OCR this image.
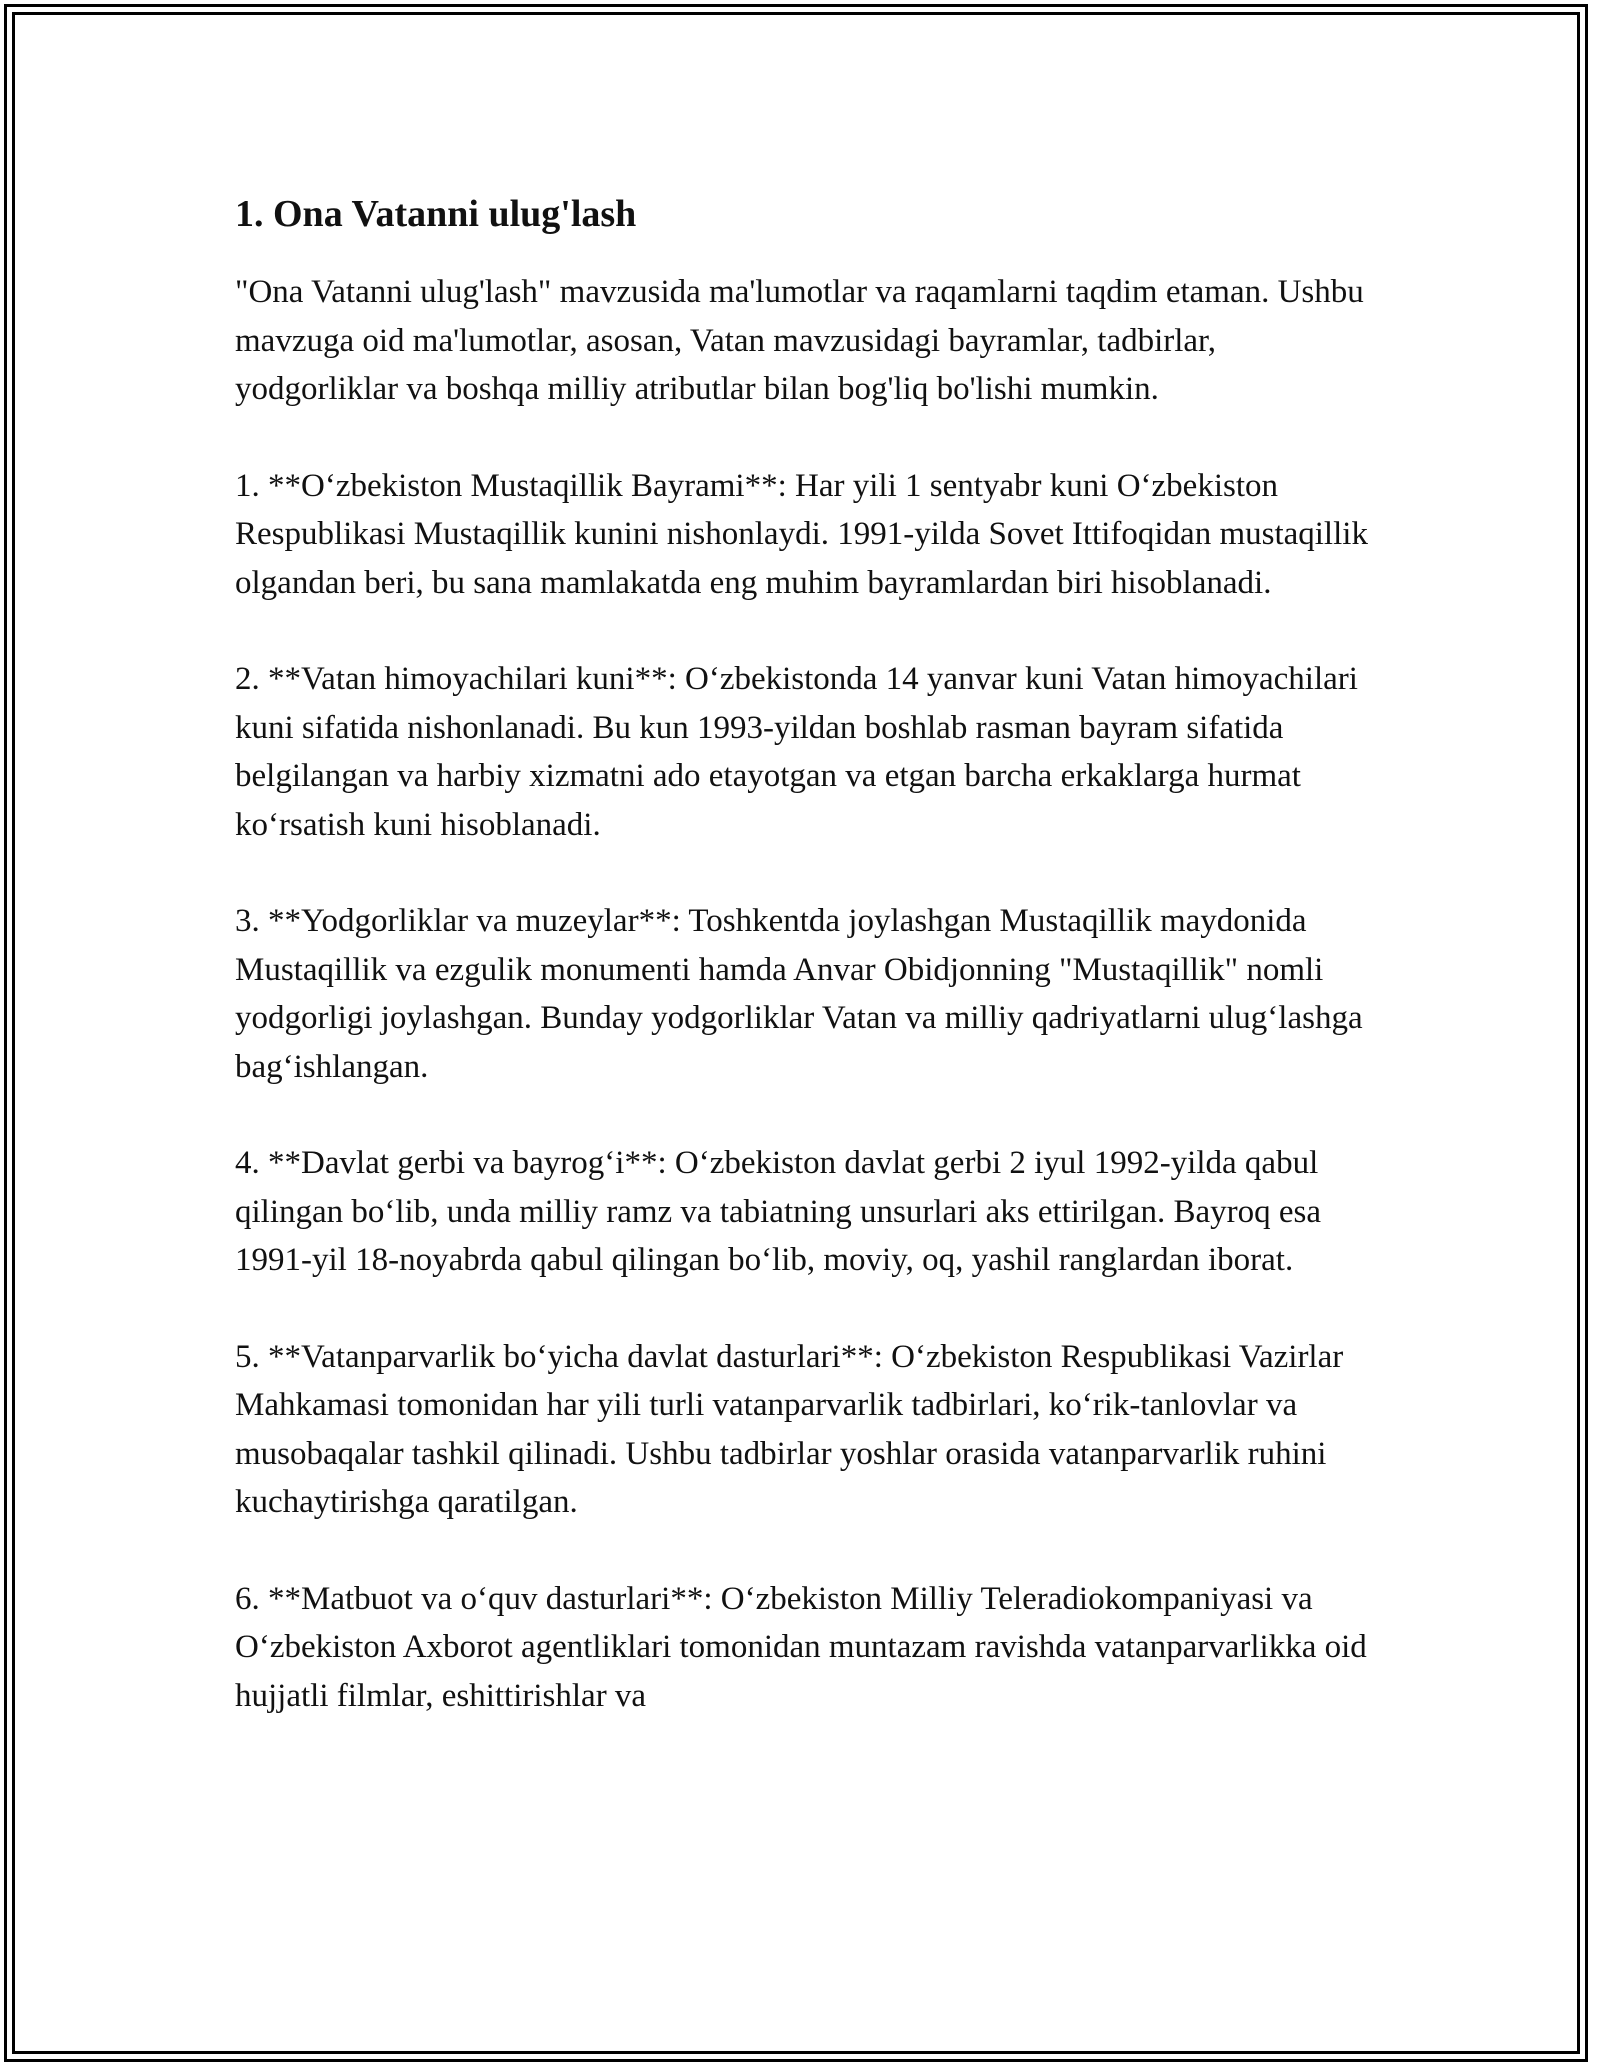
1. Ona Vatanni ulug'lash

"Ona Vatanni ulug'lash" mavzusida ma'lumotlar va raqamlarni taqdim etaman. Ushbu mavzuga oid ma'lumotlar, asosan, Vatan mavzusidagi bayramlar, tadbirlar, yodgorliklar va boshqa milliy atributlar bilan bog'liq bo'lishi mumkin.

1. **Oʻzbekiston Mustaqillik Bayrami**: Har yili 1 sentyabr kuni Oʻzbekiston Respublikasi Mustaqillik kunini nishonlaydi. 1991-yilda Sovet Ittifoqidan mustaqillik olgandan beri, bu sana mamlakatda eng muhim bayramlardan biri hisoblanadi.

2. **Vatan himoyachilari kuni**: Oʻzbekistonda 14 yanvar kuni Vatan himoyachilari kuni sifatida nishonlanadi. Bu kun 1993-yildan boshlab rasman bayram sifatida belgilangan va harbiy xizmatni ado etayotgan va etgan barcha erkaklarga hurmat koʻrsatish kuni hisoblanadi.

3. **Yodgorliklar va muzeylar**: Toshkentda joylashgan Mustaqillik maydonida Mustaqillik va ezgulik monumenti hamda Anvar Obidjonning "Mustaqillik" nomli yodgorligi joylashgan. Bunday yodgorliklar Vatan va milliy qadriyatlarni ulugʻlashga bagʻishlangan.

4. **Davlat gerbi va bayrogʻi**: Oʻzbekiston davlat gerbi 2 iyul 1992-yilda qabul qilingan boʻlib, unda milliy ramz va tabiatning unsurlari aks ettirilgan. Bayroq esa 1991-yil 18-noyabrda qabul qilingan boʻlib, moviy, oq, yashil ranglardan iborat.

5. **Vatanparvarlik boʻyicha davlat dasturlari**: Oʻzbekiston Respublikasi Vazirlar Mahkamasi tomonidan har yili turli vatanparvarlik tadbirlari, koʻrik-tanlovlar va musobaqalar tashkil qilinadi. Ushbu tadbirlar yoshlar orasida vatanparvarlik ruhini kuchaytirishga qaratilgan.

6. **Matbuot va oʻquv dasturlari**: Oʻzbekiston Milliy Teleradiokompaniyasi va Oʻzbekiston Axborot agentliklari tomonidan muntazam ravishda vatanparvarlikka oid hujjatli filmlar, eshittirishlar va
